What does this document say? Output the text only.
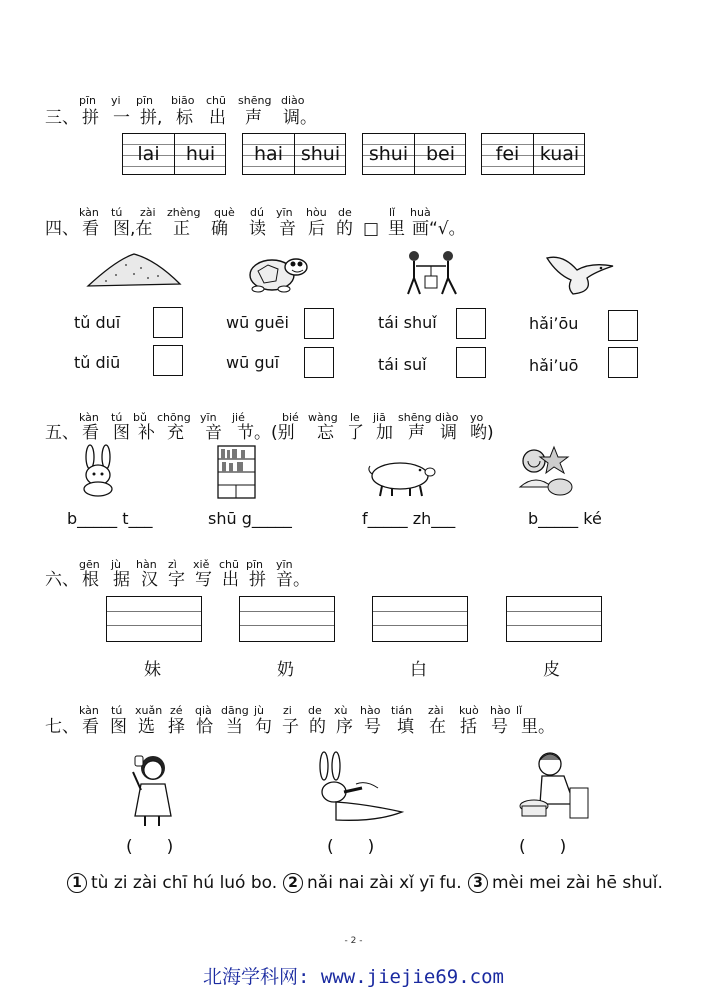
pīn yi pīn biāo chū shēng diào
三、 拼 一 拼, 标 出 声 调。
lai	hui	hai shui	shui bei	fei	kuai
kàn tú zài zhèng què dú yīn hòu de	lǐ huà
四、 看 图,在 正 确 读 音 后 的 □ 里 画“√。
tǔ duī
tǔ diū
wū guēi
wū guī
tái shuǐ
tái suǐ
hǎi’ōu
hǎi’uō
kàn tú bǔ chōng yīn jié	bié wàng le jiā shēng diào yo
五、 看 图 补 充 音 节。(别 忘 了 加 声 调 哟)
b_____ t___	shū g_____	f_____ zh___	b_____ ké
gēn jù hàn zì xiě chū pīn yīn
六、 根 据 汉 字 写 出 拼 音。
妹	奶	白	皮
kàn tú xuǎn zé qià dāng jù zi de xù hào tián zài kuò hào lǐ
七、 看 图 选 择 恰 当 句 子 的 序 号 填 在 括 号 里。
(　　)	(　　)	(　　)
1 tù zi zài chī hú luó bo. 2 nǎi nai zài xǐ yī fu. 3 mèi mei zài hē shuǐ.
- 2 -
北海学科网: www.jiejie69.com
